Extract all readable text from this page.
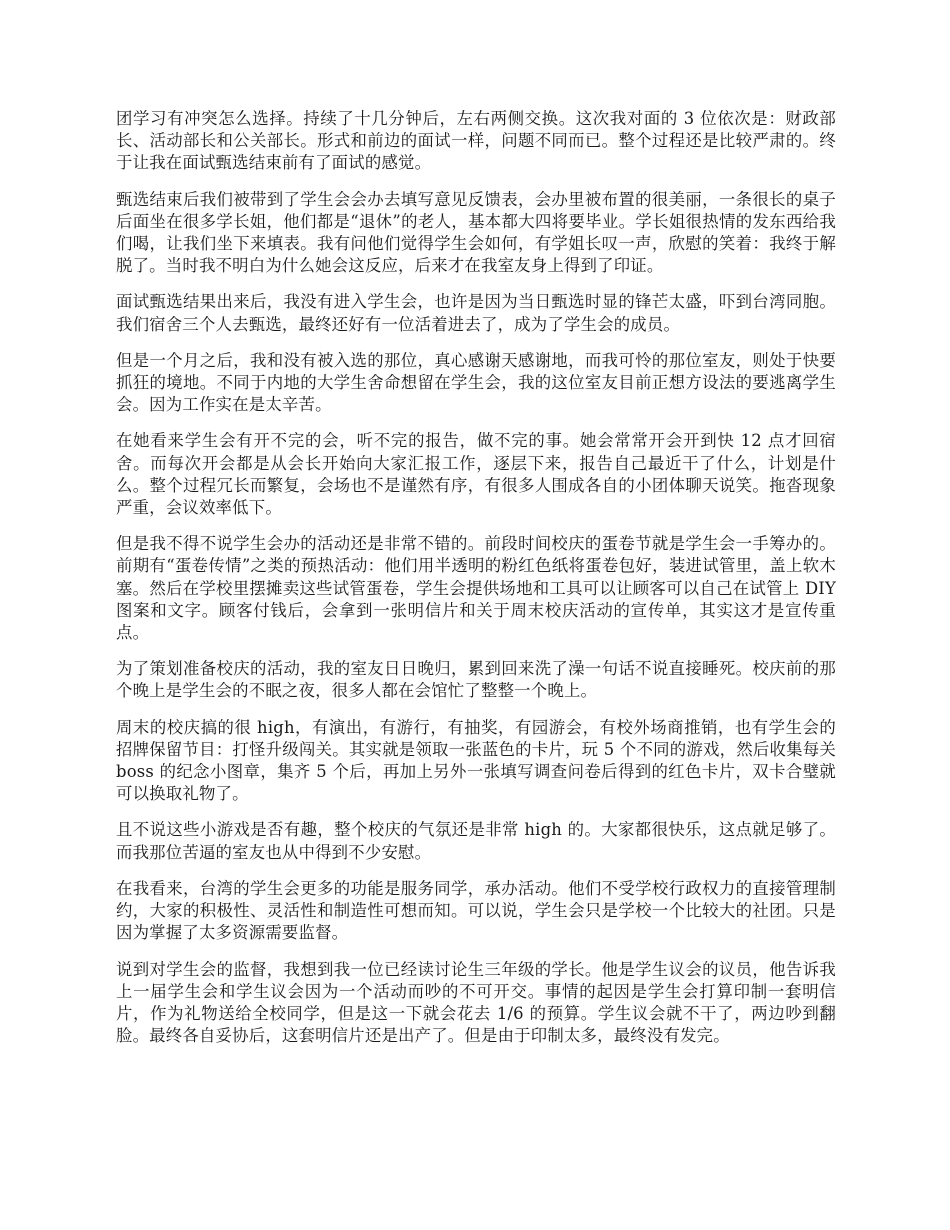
团学习有冲突怎么选择。持续了十几分钟后，左右两侧交换。这次我对面的 3 位依次是：财政部长、活动部长和公关部长。形式和前边的面试一样，问题不同而已。整个过程还是比较严肃的。终于让我在面试甄选结束前有了面试的感觉。

甄选结束后我们被带到了学生会会办去填写意见反馈表，会办里被布置的很美丽，一条很长的桌子后面坐在很多学长姐，他们都是“退休”的老人，基本都大四将要毕业。学长姐很热情的发东西给我们喝，让我们坐下来填表。我有问他们觉得学生会如何，有学姐长叹一声，欣慰的笑着：我终于解脱了。当时我不明白为什么她会这反应，后来才在我室友身上得到了印证。

面试甄选结果出来后，我没有进入学生会，也许是因为当日甄选时显的锋芒太盛，吓到台湾同胞。我们宿舍三个人去甄选，最终还好有一位活着进去了，成为了学生会的成员。

但是一个月之后，我和没有被入选的那位，真心感谢天感谢地，而我可怜的那位室友，则处于快要抓狂的境地。不同于内地的大学生舍命想留在学生会，我的这位室友目前正想方设法的要逃离学生会。因为工作实在是太辛苦。

在她看来学生会有开不完的会，听不完的报告，做不完的事。她会常常开会开到快 12 点才回宿舍。而每次开会都是从会长开始向大家汇报工作，逐层下来，报告自己最近干了什么，计划是什么。整个过程冗长而繁复，会场也不是谨然有序，有很多人围成各自的小团体聊天说笑。拖沓现象严重，会议效率低下。

但是我不得不说学生会办的活动还是非常不错的。前段时间校庆的蛋卷节就是学生会一手筹办的。前期有“蛋卷传情”之类的预热活动：他们用半透明的粉红色纸将蛋卷包好，装进试管里，盖上软木塞。然后在学校里摆摊卖这些试管蛋卷，学生会提供场地和工具可以让顾客可以自己在试管上 DIY 图案和文字。顾客付钱后，会拿到一张明信片和关于周末校庆活动的宣传单，其实这才是宣传重点。

为了策划准备校庆的活动，我的室友日日晚归，累到回来洗了澡一句话不说直接睡死。校庆前的那个晚上是学生会的不眠之夜，很多人都在会馆忙了整整一个晚上。

周末的校庆搞的很 high，有演出，有游行，有抽奖，有园游会，有校外场商推销，也有学生会的招牌保留节目：打怪升级闯关。其实就是领取一张蓝色的卡片，玩 5 个不同的游戏，然后收集每关 boss 的纪念小图章，集齐 5 个后，再加上另外一张填写调查问卷后得到的红色卡片，双卡合璧就可以换取礼物了。

且不说这些小游戏是否有趣，整个校庆的气氛还是非常 high 的。大家都很快乐，这点就足够了。而我那位苦逼的室友也从中得到不少安慰。

在我看来，台湾的学生会更多的功能是服务同学，承办活动。他们不受学校行政权力的直接管理制约，大家的积极性、灵活性和制造性可想而知。可以说，学生会只是学校一个比较大的社团。只是因为掌握了太多资源需要监督。

说到对学生会的监督，我想到我一位已经读讨论生三年级的学长。他是学生议会的议员，他告诉我上一届学生会和学生议会因为一个活动而吵的不可开交。事情的起因是学生会打算印制一套明信片，作为礼物送给全校同学，但是这一下就会花去 1/6 的预算。学生议会就不干了，两边吵到翻脸。最终各自妥协后，这套明信片还是出产了。但是由于印制太多，最终没有发完。
